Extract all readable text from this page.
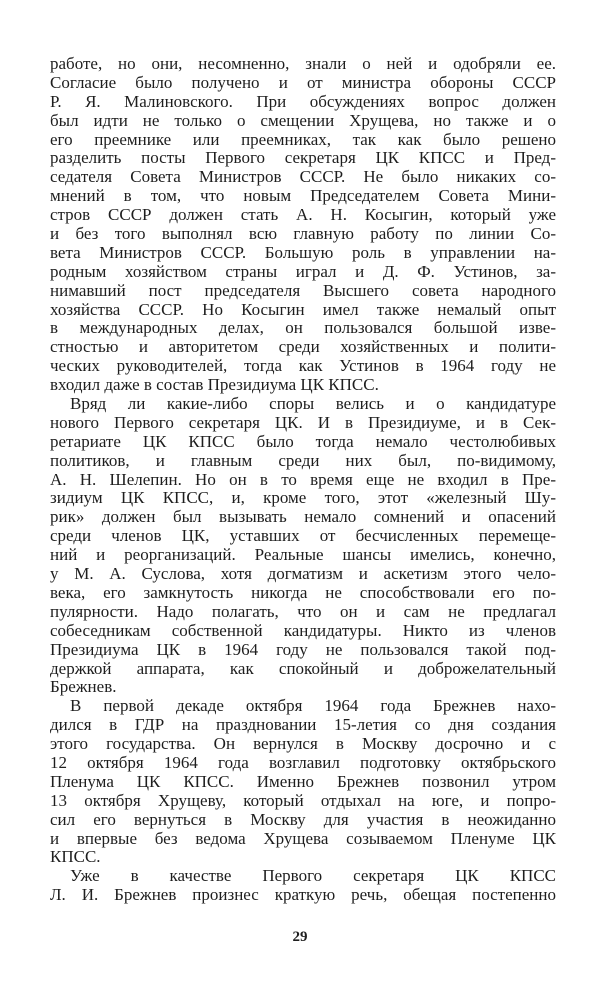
работе, но они, несомненно, знали о ней и одобряли ее.
Согласие было получено и от министра обороны СССР
Р. Я. Малиновского. При обсуждениях вопрос должен
был идти не только о смещении Хрущева, но также и о
его преемнике или преемниках, так как было решено
разделить посты Первого секретаря ЦК КПСС и Пред-
седателя Совета Министров СССР. Не было никаких со-
мнений в том, что новым Председателем Совета Мини-
стров СССР должен стать А. Н. Косыгин, который уже
и без того выполнял всю главную работу по линии Со-
вета Министров СССР. Большую роль в управлении на-
родным хозяйством страны играл и Д. Ф. Устинов, за-
нимавший пост председателя Высшего совета народного
хозяйства СССР. Но Косыгин имел также немалый опыт
в международных делах, он пользовался большой изве-
стностью и авторитетом среди хозяйственных и полити-
ческих руководителей, тогда как Устинов в 1964 году не
входил даже в состав Президиума ЦК КПСС.
Вряд ли какие-либо споры велись и о кандидатуре
нового Первого секретаря ЦК. И в Президиуме, и в Сек-
ретариате ЦК КПСС было тогда немало честолюбивых
политиков, и главным среди них был, по-видимому,
А. Н. Шелепин. Но он в то время еще не входил в Пре-
зидиум ЦК КПСС, и, кроме того, этот «железный Шу-
рик» должен был вызывать немало сомнений и опасений
среди членов ЦК, уставших от бесчисленных перемеще-
ний и реорганизаций. Реальные шансы имелись, конечно,
у М. А. Суслова, хотя догматизм и аскетизм этого чело-
века, его замкнутость никогда не способствовали его по-
пулярности. Надо полагать, что он и сам не предлагал
собеседникам собственной кандидатуры. Никто из членов
Президиума ЦК в 1964 году не пользовался такой под-
держкой аппарата, как спокойный и доброжелательный
Брежнев.
В первой декаде октября 1964 года Брежнев нахо-
дился в ГДР на праздновании 15-летия со дня создания
этого государства. Он вернулся в Москву досрочно и с
12 октября 1964 года возглавил подготовку октябрьского
Пленума ЦК КПСС. Именно Брежнев позвонил утром
13 октября Хрущеву, который отдыхал на юге, и попро-
сил его вернуться в Москву для участия в неожиданно
и впервые без ведома Хрущева созываемом Пленуме ЦК
КПСС.
Уже в качестве Первого секретаря ЦК КПСС
Л. И. Брежнев произнес краткую речь, обещая постепенно
29
